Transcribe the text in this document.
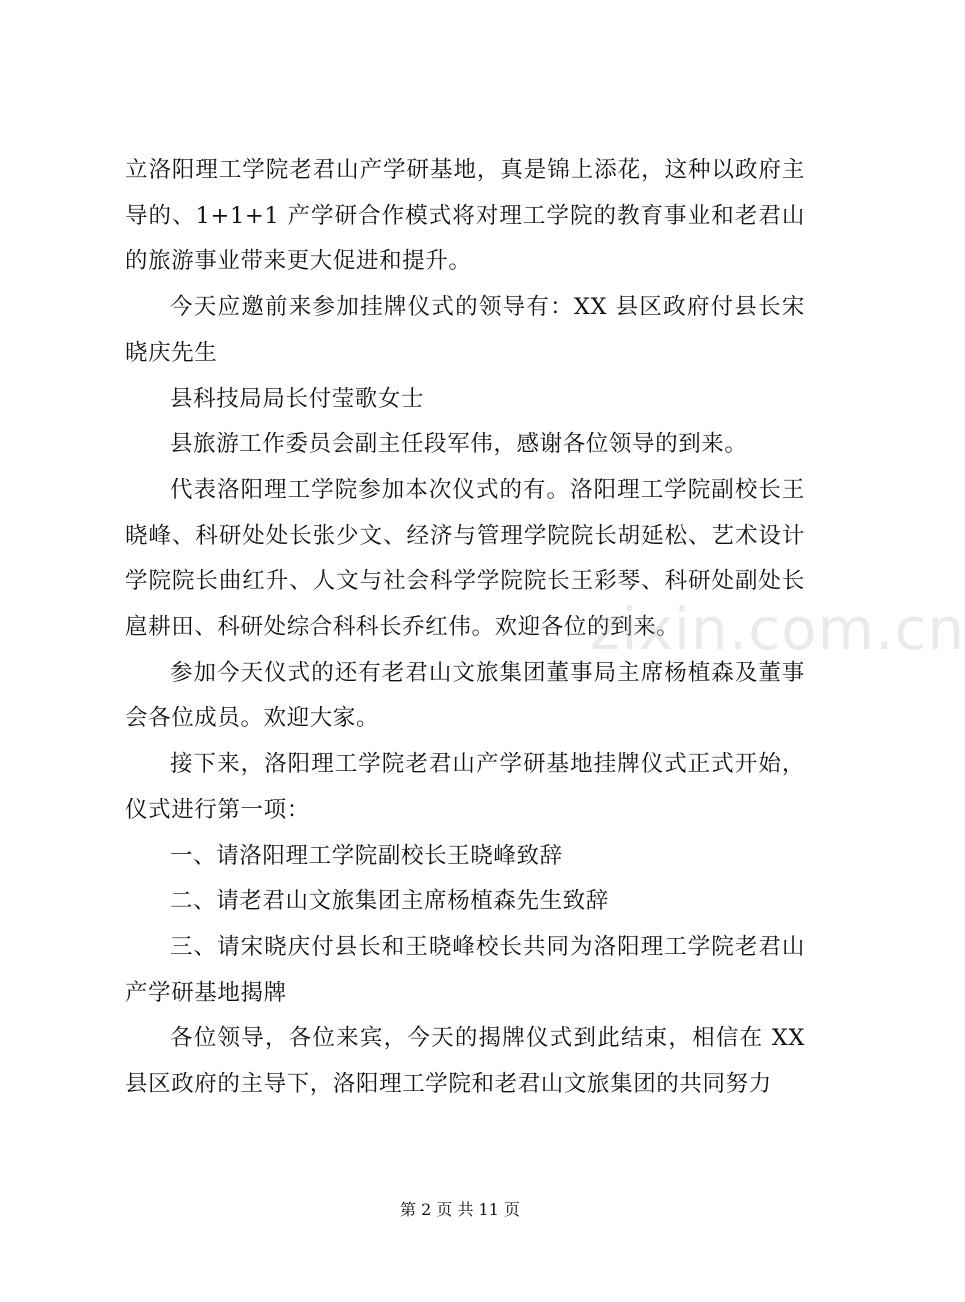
立洛阳理工学院老君山产学研基地，真是锦上添花，这种以政府主导的、1+1+1 产学研合作模式将对理工学院的教育事业和老君山的旅游事业带来更大促进和提升。

今天应邀前来参加挂牌仪式的领导有：XX 县区政府付县长宋晓庆先生

县科技局局长付莹歌女士

县旅游工作委员会副主任段军伟，感谢各位领导的到来。

代表洛阳理工学院参加本次仪式的有。洛阳理工学院副校长王晓峰、科研处处长张少文、经济与管理学院院长胡延松、艺术设计学院院长曲红升、人文与社会科学学院院长王彩琴、科研处副处长扈耕田、科研处综合科科长乔红伟。欢迎各位的到来。

参加今天仪式的还有老君山文旅集团董事局主席杨植森及董事会各位成员。欢迎大家。

接下来，洛阳理工学院老君山产学研基地挂牌仪式正式开始，仪式进行第一项：

一、请洛阳理工学院副校长王晓峰致辞

二、请老君山文旅集团主席杨植森先生致辞

三、请宋晓庆付县长和王晓峰校长共同为洛阳理工学院老君山产学研基地揭牌

各位领导，各位来宾，今天的揭牌仪式到此结束，相信在 XX 县区政府的主导下，洛阳理工学院和老君山文旅集团的共同努力

zixin.com.cn
第 2 页 共 11 页
